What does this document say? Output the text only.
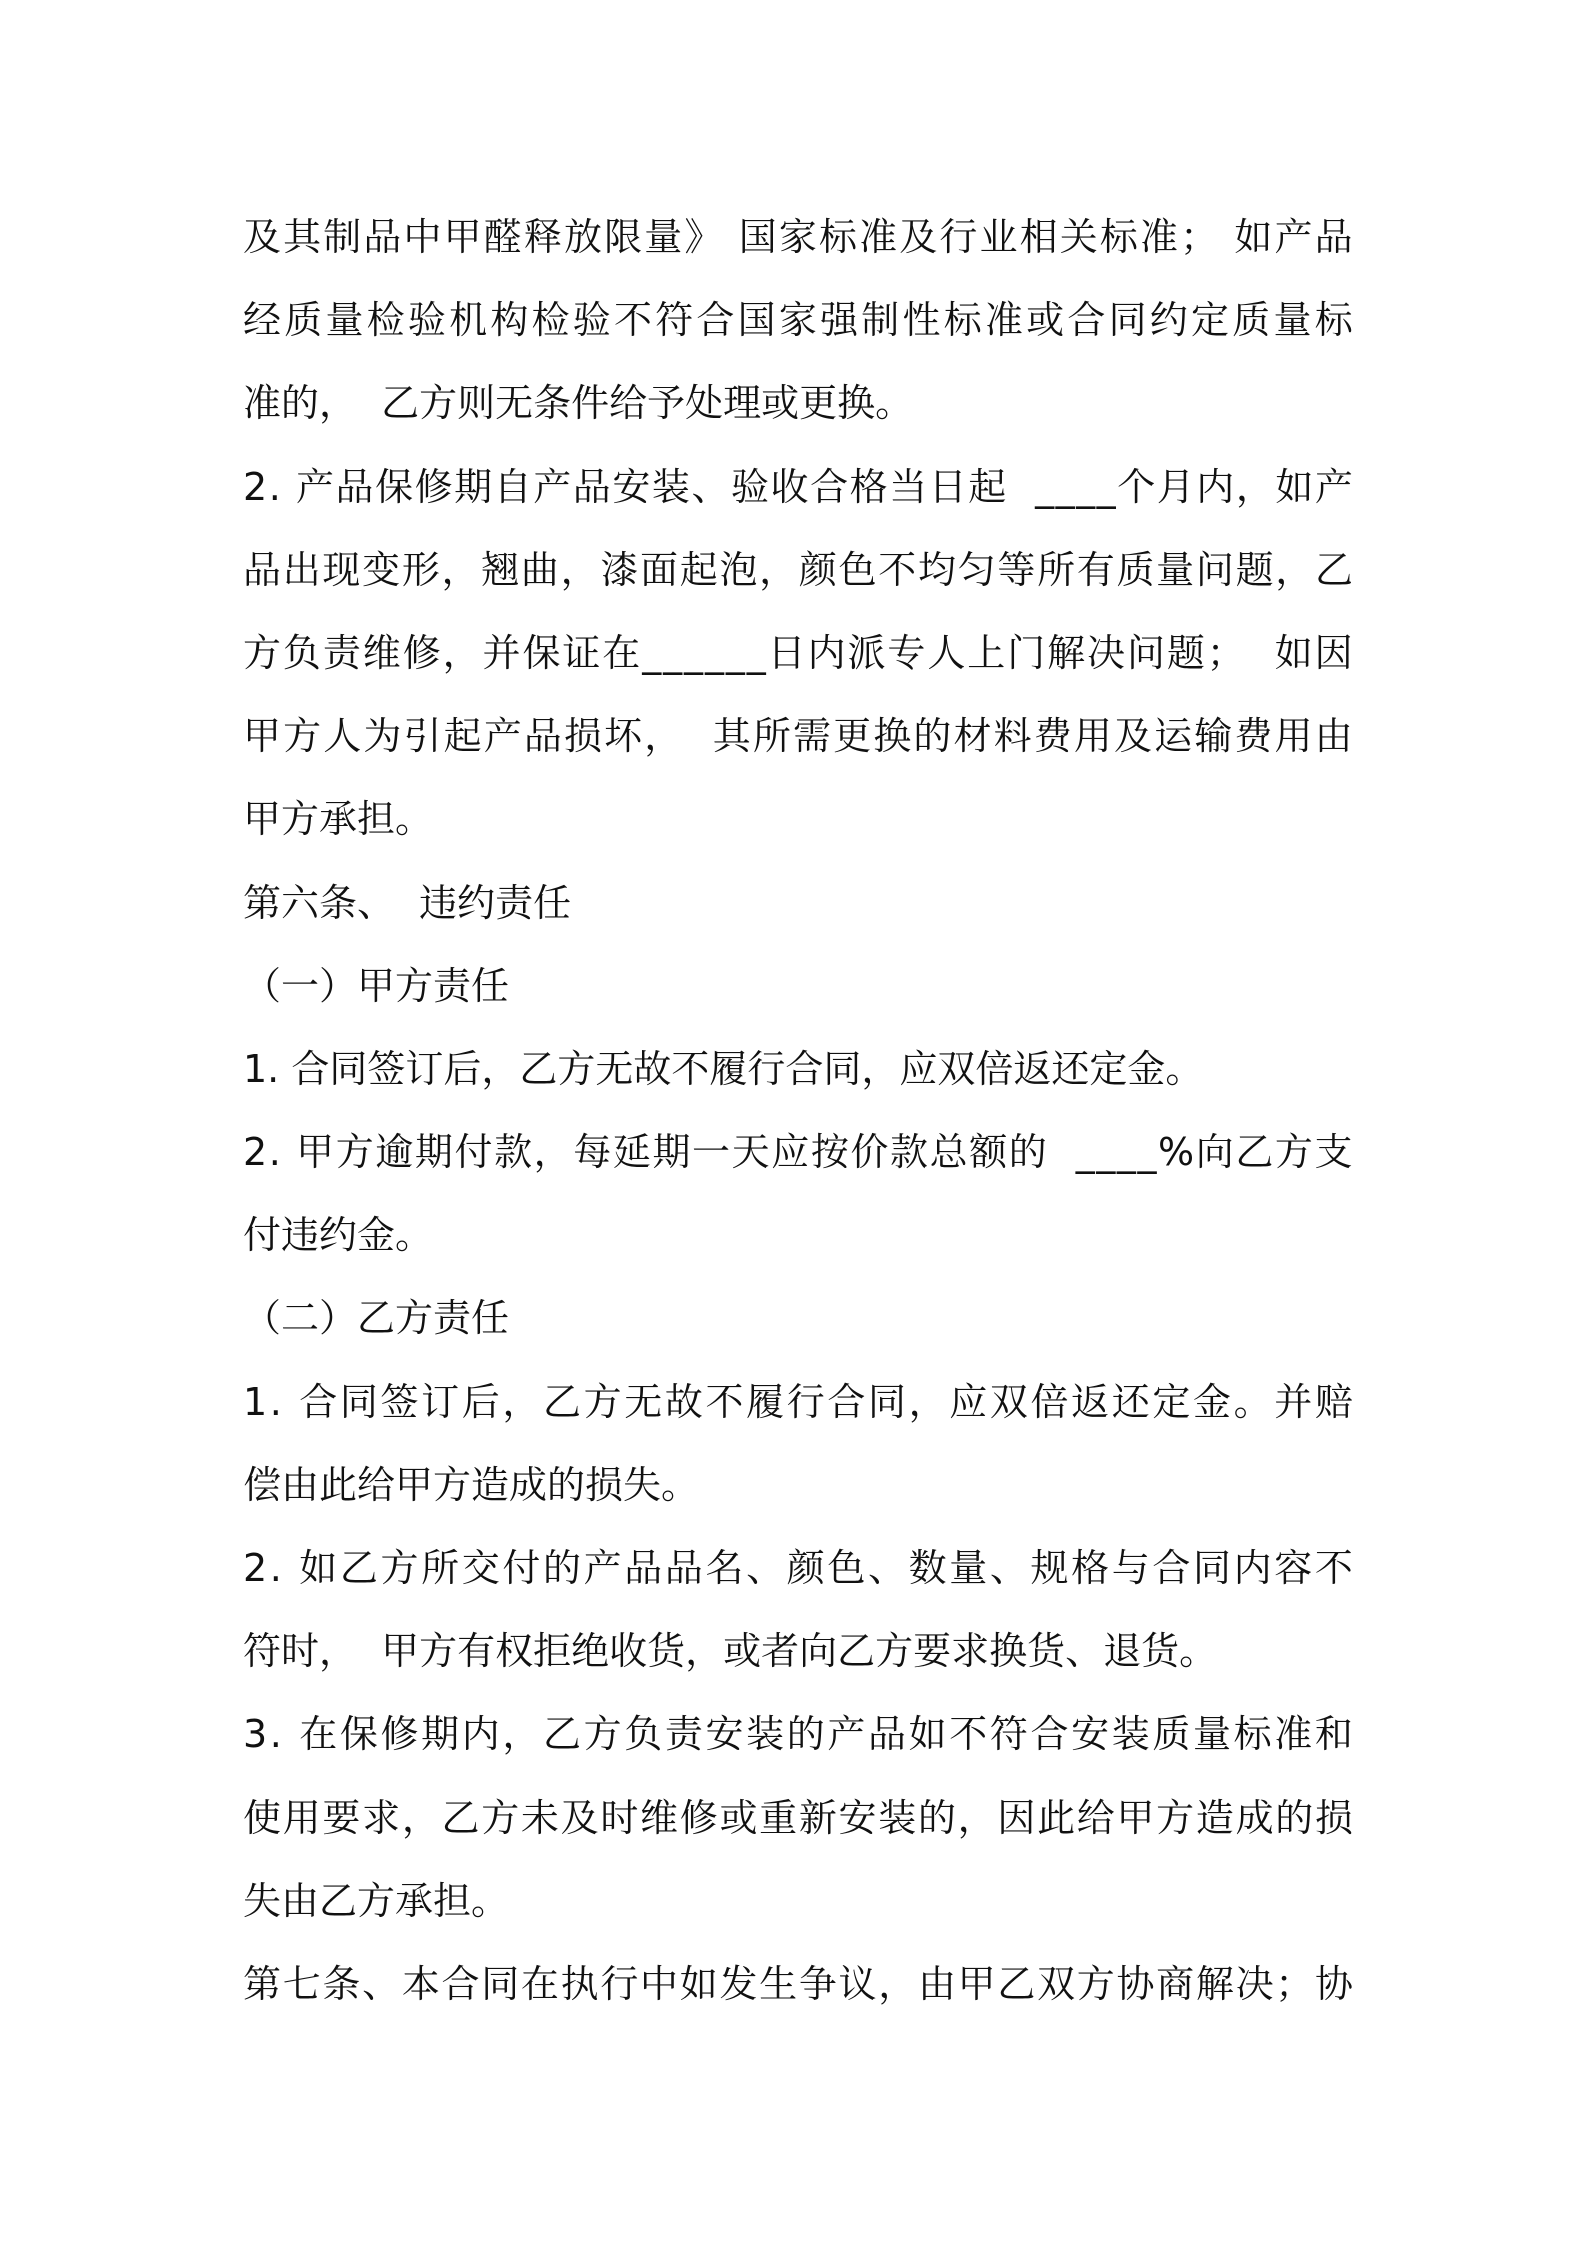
及 其 制 品 中 甲 醛 释 放 限 量 》
国 家 标 准 及 行 业 相 关 标 准 ；
如 产 品
经 质 量 检 验 机 构 检 验 不 符 合 国 家 强 制 性 标 准 或 合 同 约 定 质 量 标
准的，  乙方则无条件给予处理或更换。
2 .
产 品 保 修 期 自 产 品 安 装 、 验 收 合 格 当 日 起

_ _ _ _ 个 月 内 ， 如 产
品 出 现 变 形 ， 翘 曲 ， 漆 面 起 泡 ， 颜 色 不 均 匀 等 所 有 质 量 问 题 ， 乙
方 负 责 维 修 ， 并 保 证 在 _ _ _ _ _ _ 日 内 派 专 人 上 门 解 决 问 题 ；

如 因
甲 方 人 为 引 起 产 品 损 坏 ，

其 所 需 更 换 的 材 料 费 用 及 运 输 费 用 由
甲方承担。
第六条、  违约责任
（一）甲方责任
1. 合同签订后，乙方无故不履行合同，应双倍返还定金。
2 .
甲 方 逾 期 付 款 ， 每 延 期 一 天 应 按 价 款 总 额 的

_ _ _ _ % 向 乙 方 支
付违约金。
（二）乙方责任
1 .
合 同 签 订 后 ， 乙 方 无 故 不 履 行 合 同 ， 应 双 倍 返 还 定 金 。 并 赔
偿由此给甲方造成的损失。
2 .
如 乙 方 所 交 付 的 产 品 品 名 、 颜 色 、 数 量 、 规 格 与 合 同 内 容 不
符时，  甲方有权拒绝收货，或者向乙方要求换货、退货。
3 .
在 保 修 期 内 ， 乙 方 负 责 安 装 的 产 品 如 不 符 合 安 装 质 量 标 准 和
使 用 要 求 ， 乙 方 未 及 时 维 修 或 重 新 安 装 的 ， 因 此 给 甲 方 造 成 的 损
失由乙方承担。
第 七 条 、 本 合 同 在 执 行 中 如 发 生 争 议 ， 由 甲 乙 双 方 协 商 解 决 ； 协
